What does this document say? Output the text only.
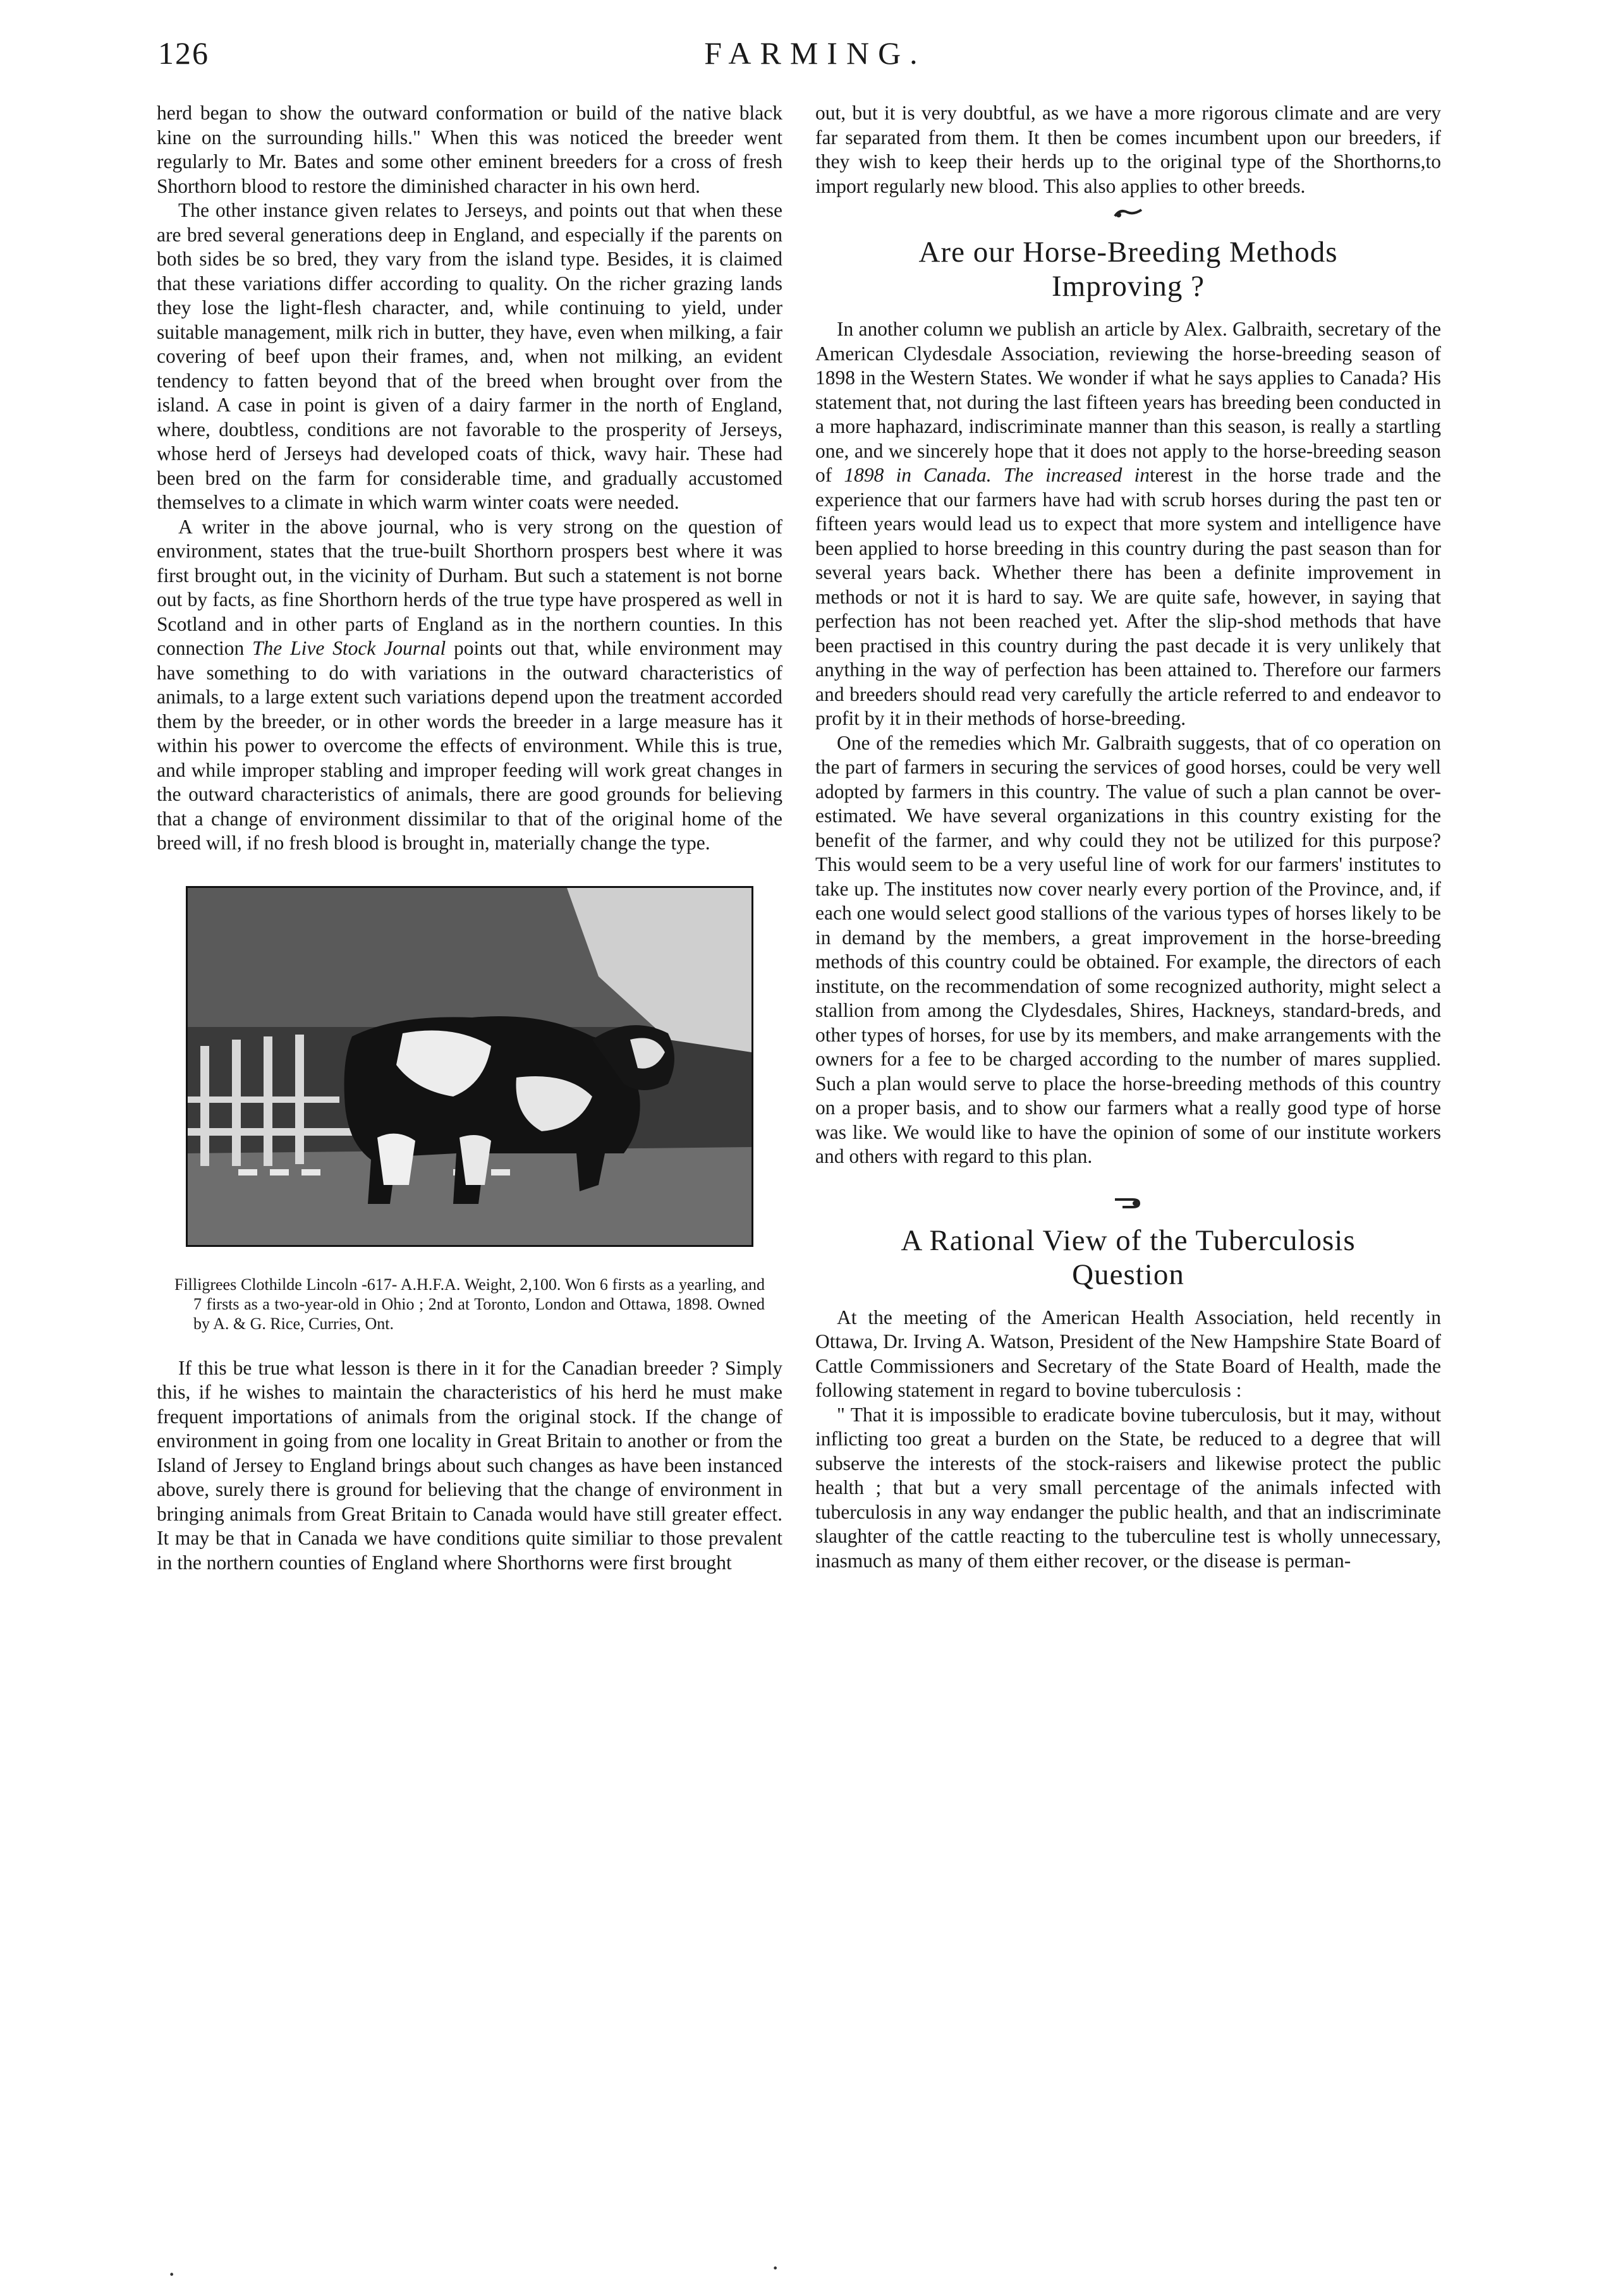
126	FARMING.

herd began to show the outward conformation or build of the native black kine on the surrounding hills." When this was noticed the breeder went regularly to Mr. Bates and some other eminent breeders for a cross of fresh Shorthorn blood to restore the diminished character in his own herd.

The other instance given relates to Jerseys, and points out that when these are bred several generations deep in England, and especially if the parents on both sides be so bred, they vary from the island type. Besides, it is claimed that these variations differ according to quality. On the richer grazing lands they lose the light-flesh character, and, while continuing to yield, under suitable management, milk rich in butter, they have, even when milking, a fair covering of beef upon their frames, and, when not milking, an evident tendency to fatten beyond that of the breed when brought over from the island. A case in point is given of a dairy farmer in the north of England, where, doubtless, conditions are not favorable to the prosperity of Jerseys, whose herd of Jerseys had developed coats of thick, wavy hair. These had been bred on the farm for considerable time, and gradually accustomed themselves to a climate in which warm winter coats were needed.

A writer in the above journal, who is very strong on the question of environment, states that the true-built Shorthorn prospers best where it was first brought out, in the vicinity of Durham. But such a statement is not borne out by facts, as fine Shorthorn herds of the true type have prospered as well in Scotland and in other parts of England as in the northern counties. In this connection The Live Stock Journal points out that, while environment may have something to do with variations in the outward characteristics of animals, to a large extent such variations depend upon the treatment accorded them by the breeder, or in other words the breeder in a large measure has it within his power to overcome the effects of environment. While this is true, and while improper stabling and improper feeding will work great changes in the outward characteristics of animals, there are good grounds for believing that a change of environment dissimilar to that of the original home of the breed will, if no fresh blood is brought in, materially change the type.

Filligrees Clothilde Lincoln -617- A.H.F.A. Weight, 2,100. Won 6 firsts as a yearling, and 7 firsts as a two-year-old in Ohio ; 2nd at Toronto, London and Ottawa, 1898. Owned by A. & G. Rice, Curries, Ont.

If this be true what lesson is there in it for the Canadian breeder ? Simply this, if he wishes to maintain the characteristics of his herd he must make frequent importations of animals from the original stock. If the change of environment in going from one locality in Great Britain to another or from the Island of Jersey to England brings about such changes as have been instanced above, surely there is ground for believing that the change of environment in bringing animals from Great Britain to Canada would have still greater effect. It may be that in Canada we have conditions quite similiar to those prevalent in the northern counties of England where Shorthorns were first brought

out, but it is very doubtful, as we have a more rigorous climate and are very far separated from them. It then be comes incumbent upon our breeders, if they wish to keep their herds up to the original type of the Shorthorns,to import regularly new blood. This also applies to other breeds.

Are our Horse-Breeding Methods
Improving ?

In another column we publish an article by Alex. Galbraith, secretary of the American Clydesdale Association, reviewing the horse-breeding season of 1898 in the Western States. We wonder if what he says applies to Canada? His statement that, not during the last fifteen years has breeding been conducted in a more haphazard, indiscriminate manner than this season, is really a startling one, and we sincerely hope that it does not apply to the horse-breeding season of 1898 in Canada. The increased interest in the horse trade and the experience that our farmers have had with scrub horses during the past ten or fifteen years would lead us to expect that more system and intelligence have been applied to horse breeding in this country during the past season than for several years back. Whether there has been a definite improvement in methods or not it is hard to say. We are quite safe, however, in saying that perfection has not been reached yet. After the slip-shod methods that have been practised in this country during the past decade it is very unlikely that anything in the way of perfection has been attained to. Therefore our farmers and breeders should read very carefully the article referred to and endeavor to profit by it in their methods of horse-breeding.

One of the remedies which Mr. Galbraith suggests, that of co operation on the part of farmers in securing the services of good horses, could be very well adopted by farmers in this country. The value of such a plan cannot be over-estimated. We have several organizations in this country existing for the benefit of the farmer, and why could they not be utilized for this purpose? This would seem to be a very useful line of work for our farmers' institutes to take up. The institutes now cover nearly every portion of the Province, and, if each one would select good stallions of the various types of horses likely to be in demand by the members, a great improvement in the horse-breeding methods of this country could be obtained. For example, the directors of each institute, on the recommendation of some recognized authority, might select a stallion from among the Clydesdales, Shires, Hackneys, standard-breds, and other types of horses, for use by its members, and make arrangements with the owners for a fee to be charged according to the number of mares supplied. Such a plan would serve to place the horse-breeding methods of this country on a proper basis, and to show our farmers what a really good type of horse was like. We would like to have the opinion of some of our institute workers and others with regard to this plan.

A Rational View of the Tuberculosis
Question

At the meeting of the American Health Association, held recently in Ottawa, Dr. Irving A. Watson, President of the New Hampshire State Board of Cattle Commissioners and Secretary of the State Board of Health, made the following statement in regard to bovine tuberculosis :

" That it is impossible to eradicate bovine tuberculosis, but it may, without inflicting too great a burden on the State, be reduced to a degree that will subserve the interests of the stock-raisers and likewise protect the public health ; that but a very small percentage of the animals infected with tuberculosis in any way endanger the public health, and that an indiscriminate slaughter of the cattle reacting to the tuberculine test is wholly unnecessary, inasmuch as many of them either recover, or the disease is perman-

·
·
